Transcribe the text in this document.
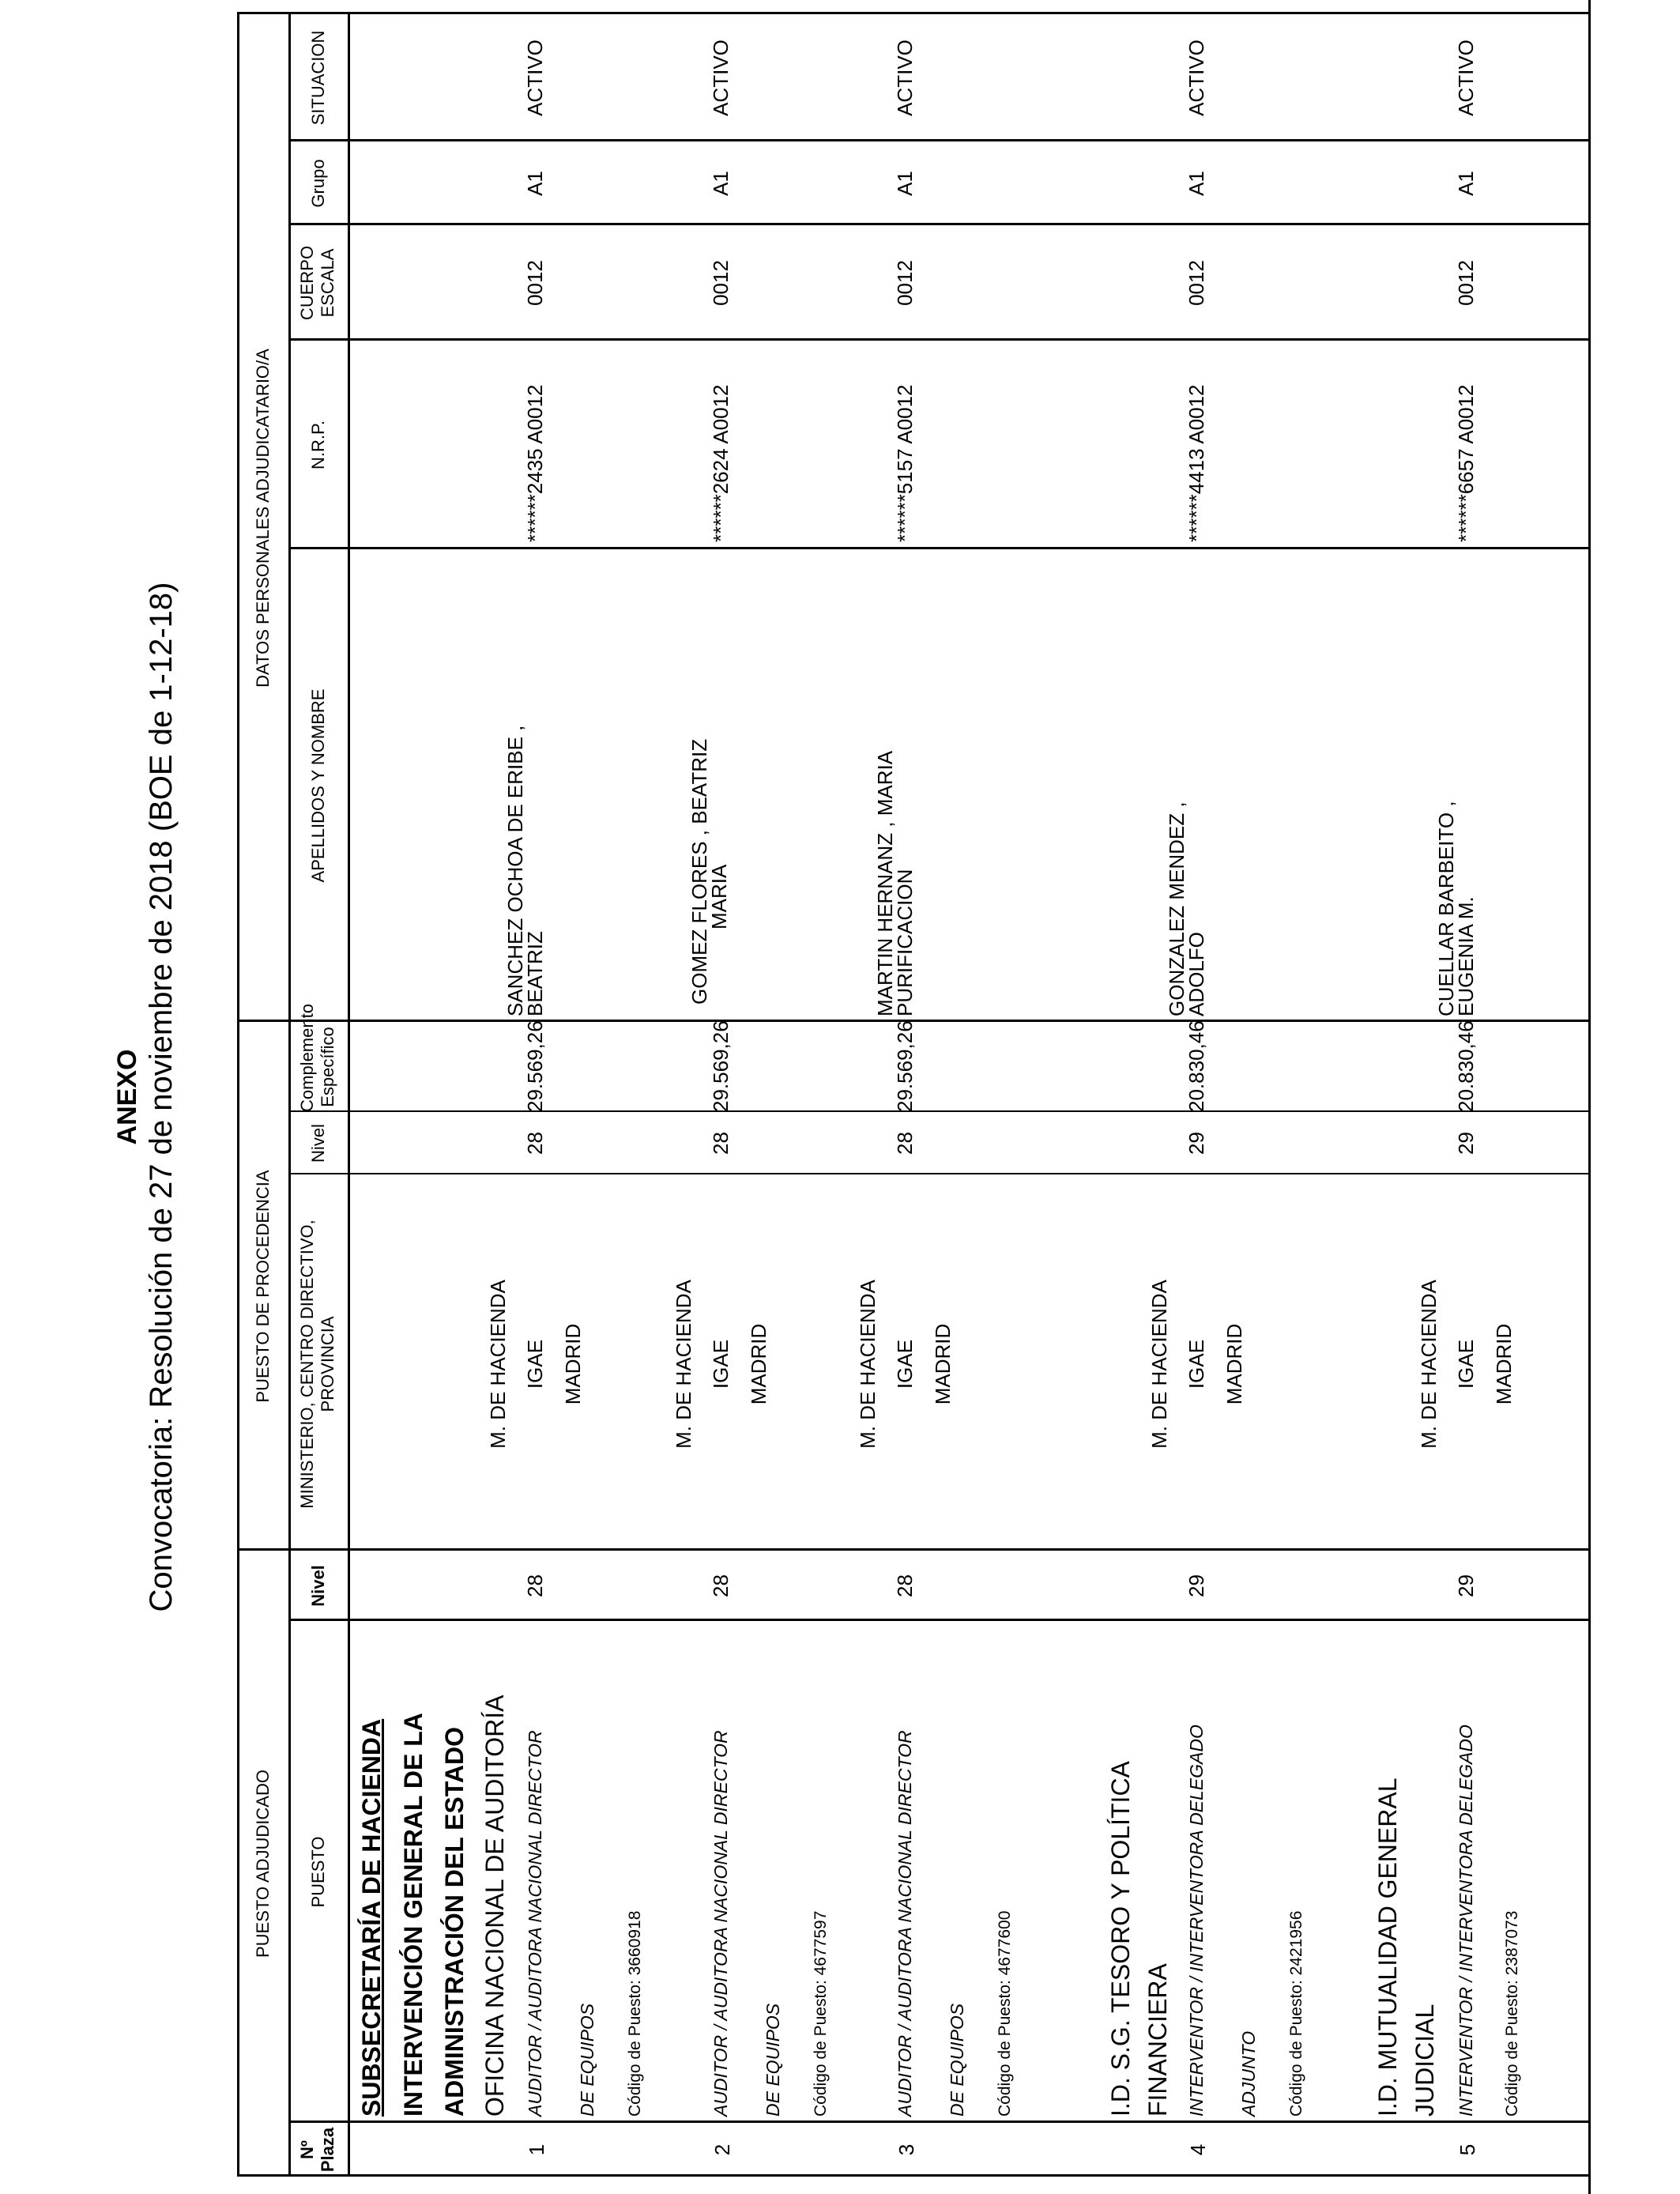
ANEXO Convocatoria: Resolución de 27 de noviembre de 2018 (BOE de 1-12-18)
PUESTO ADJUDICADO
PUESTO DE PROCEDENCIA
DATOS PERSONALES ADJUDICATARIO/A
Nº Plaza
PUESTO
Nivel
MINISTERIO, CENTRO DIRECTIVO, PROVINCIA
Nivel
Complemento Específico
APELLIDOS Y NOMBRE
N.R.P.
CUERPO ESCALA
Grupo
SITUACION
SUBSECRETARÍA DE HACIENDA INTERVENCIÓN GENERAL DE LA ADMINISTRACIÓN DEL ESTADO OFICINA NACIONAL DE AUDITORÍA	I.D. S.G. TESORO Y POLÍTICA FINANCIERA	I.D. MUTUALIDAD GENERAL JUDICIAL
1
AUDITOR / AUDITORA NACIONAL DIRECTOR DE EQUIPOS Código de Puesto: 3660918
28
M. DE HACIENDA IGAE MADRID
28
29.569,26
SANCHEZ OCHOA DE ERIBE ,
BEATRIZ
******2435 A0012
0012
A1
ACTIVO
2
AUDITOR / AUDITORA NACIONAL DIRECTOR DE EQUIPOS Código de Puesto: 4677597
28
M. DE HACIENDA IGAE MADRID
28
29.569,26
GOMEZ FLORES , BEATRIZ
MARIA
******2624 A0012
0012
A1
ACTIVO
3
AUDITOR / AUDITORA NACIONAL DIRECTOR DE EQUIPOS Código de Puesto: 4677600
28
M. DE HACIENDA IGAE MADRID
28
29.569,26
MARTIN HERNANZ , MARIA
PURIFICACION
******5157 A0012
0012
A1
ACTIVO
4
INTERVENTOR / INTERVENTORA DELEGADO ADJUNTO Código de Puesto: 2421956
29
M. DE HACIENDA IGAE MADRID
29
20.830,46
GONZALEZ MENDEZ ,
ADOLFO
******4413 A0012
0012
A1
ACTIVO
5
INTERVENTOR / INTERVENTORA DELEGADO Código de Puesto: 2387073
29
M. DE HACIENDA IGAE MADRID
29
20.830,46
CUELLAR BARBEITO ,
EUGENIA M.
******6657 A0012
0012
A1
ACTIVO
